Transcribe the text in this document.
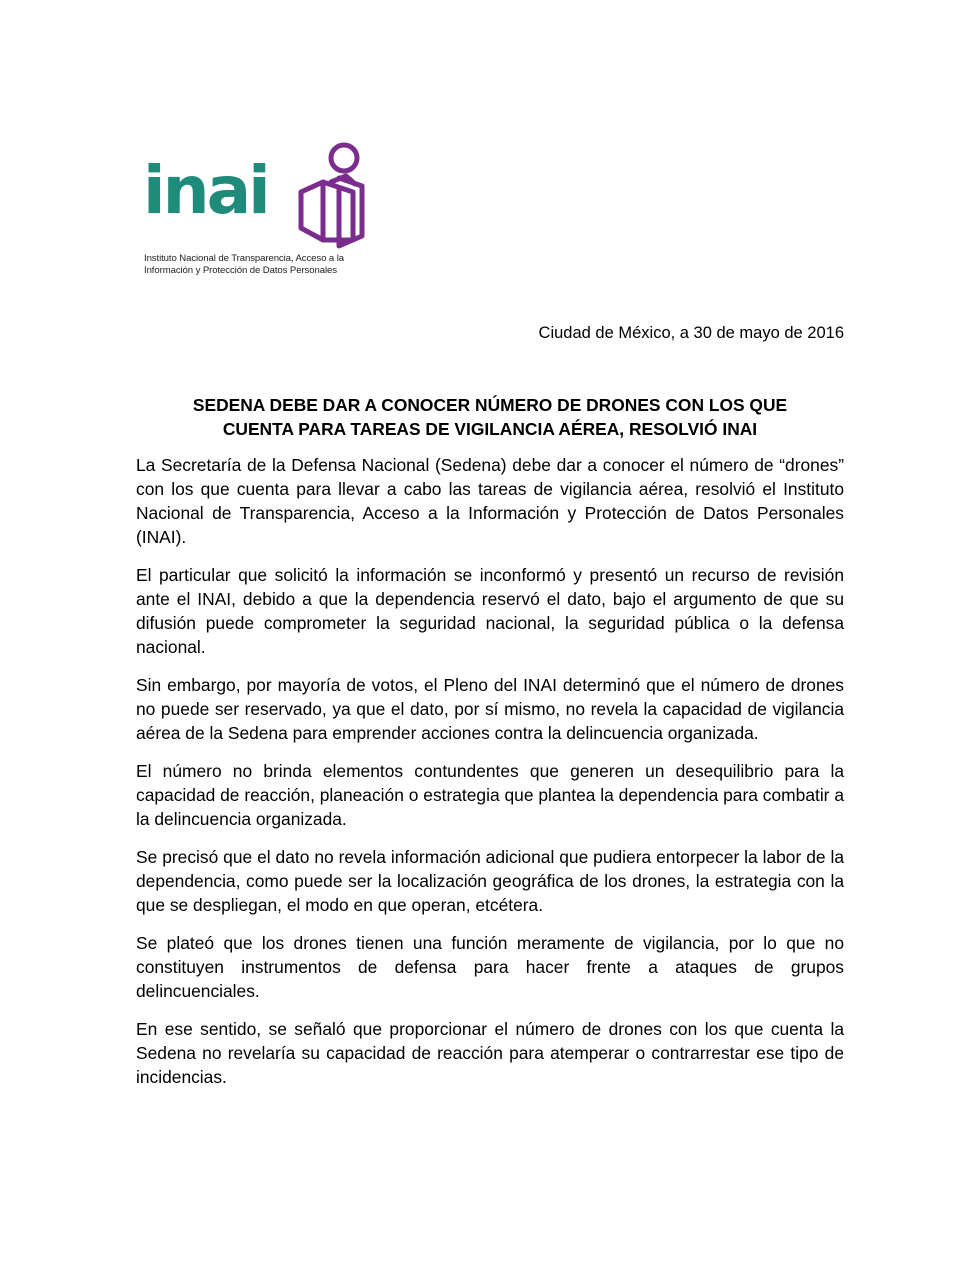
inai
Instituto Nacional de Transparencia, Acceso a la
Información y Protección de Datos Personales
Ciudad de México, a 30 de mayo de 2016
SEDENA DEBE DAR A CONOCER NÚMERO DE DRONES CON LOS QUE
CUENTA PARA TAREAS DE VIGILANCIA AÉREA, RESOLVIÓ INAI

La Secretaría de la Defensa Nacional (Sedena) debe dar a conocer el número de “drones” con los que cuenta para llevar a cabo las tareas de vigilancia aérea, resolvió el Instituto Nacional de Transparencia, Acceso a la Información y Protección de Datos Personales (INAI).

El particular que solicitó la información se inconformó y presentó un recurso de revisión ante el INAI, debido a que la dependencia reservó el dato, bajo el argumento de que su difusión puede comprometer la seguridad nacional, la seguridad pública o la defensa nacional.

Sin embargo, por mayoría de votos, el Pleno del INAI determinó que el número de drones no puede ser reservado, ya que el dato, por sí mismo, no revela la capacidad de vigilancia aérea de la Sedena para emprender acciones contra la delincuencia organizada.

El número no brinda elementos contundentes que generen un desequilibrio para la capacidad de reacción, planeación o estrategia que plantea la dependencia para combatir a la delincuencia organizada.

Se precisó que el dato no revela información adicional que pudiera entorpecer la labor de la dependencia, como puede ser la localización geográfica de los drones, la estrategia con la que se despliegan, el modo en que operan, etcétera.

Se plateó que los drones tienen una función meramente de vigilancia, por lo que no constituyen instrumentos de defensa para hacer frente a ataques de grupos delincuenciales.

En ese sentido, se señaló que proporcionar el número de drones con los que cuenta la Sedena no revelaría su capacidad de reacción para atemperar o contrarrestar ese tipo de incidencias.
